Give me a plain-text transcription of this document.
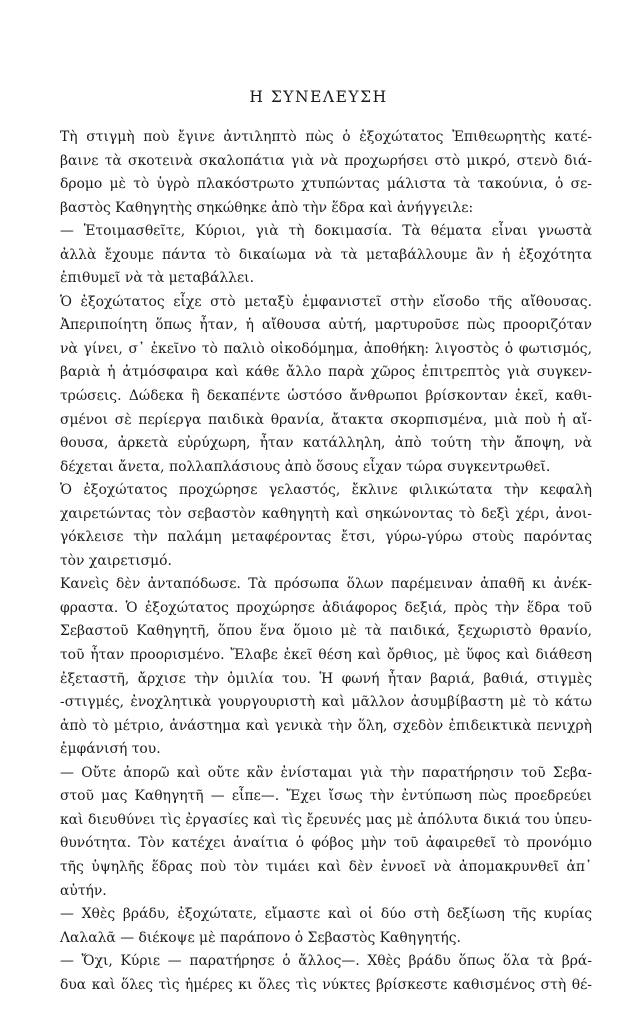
Η ΣΥΝΕΛΕΥΣΗ
Τὴ στιγμὴ ποὺ ἔγινε ἀντιληπτὸ πὼς ὁ ἐξοχώτατος Ἐπιθεωρητὴς κατέ-
βαινε τὰ σκοτεινὰ σκαλοπάτια γιὰ νὰ προχωρήσει στὸ μικρό, στενὸ διά-
δρομο μὲ τὸ ὑγρὸ πλακόστρωτο χτυπώντας μάλιστα τὰ τακούνια, ὁ σε-
βαστὸς Καθηγητὴς σηκώθηκε ἀπὸ τὴν ἕδρα καὶ ἀνήγγειλε:
— Ἑτοιμασθεῖτε, Κύριοι, γιὰ τὴ δοκιμασία. Τὰ θέματα εἶναι γνωστὰ
ἀλλὰ ἔχουμε πάντα τὸ δικαίωμα νὰ τὰ μεταβάλλουμε ἂν ἡ ἐξοχότητα
ἐπιθυμεῖ νὰ τὰ μεταβάλλει.
Ὁ ἐξοχώτατος εἶχε στὸ μεταξὺ ἐμφανιστεῖ στὴν εἴσοδο τῆς αἴθουσας.
Ἀπεριποίητη ὅπως ἦταν, ἡ αἴθουσα αὐτή, μαρτυροῦσε πὼς προοριζόταν
νὰ γίνει, σ᾿ ἐκεῖνο τὸ παλιὸ οἰκοδόμημα, ἀποθήκη: λιγοστὸς ὁ φωτισμός,
βαριὰ ἡ ἀτμόσφαιρα καὶ κάθε ἄλλο παρὰ χῶρος ἐπιτρεπτὸς γιὰ συγκεν-
τρώσεις. Δώδεκα ἢ δεκαπέντε ὡστόσο ἄνθρωποι βρίσκονταν ἐκεῖ, καθι-
σμένοι σὲ περίεργα παιδικὰ θρανία, ἄτακτα σκορπισμένα, μιὰ ποὺ ἡ αἴ-
θουσα, ἀρκετὰ εὐρύχωρη, ἦταν κατάλληλη, ἀπὸ τούτη τὴν ἄποψη, νὰ
δέχεται ἄνετα, πολλαπλάσιους ἀπὸ ὅσους εἶχαν τώρα συγκεντρωθεῖ.
Ὁ ἐξοχώτατος προχώρησε γελαστός, ἔκλινε φιλικώτατα τὴν κεφαλὴ
χαιρετώντας τὸν σεβαστὸν καθηγητὴ καὶ σηκώνοντας τὸ δεξὶ χέρι, ἀνοι-
γόκλεισε τὴν παλάμη μεταφέροντας ἔτσι, γύρω-γύρω στοὺς παρόντας
τὸν χαιρετισμό.
Κανεὶς δὲν ἀνταπόδωσε. Τὰ πρόσωπα ὅλων παρέμειναν ἀπαθῆ κι ἀνέκ-
φραστα. Ὁ ἐξοχώτατος προχώρησε ἀδιάφορος δεξιά, πρὸς τὴν ἕδρα τοῦ
Σεβαστοῦ Καθηγητῆ, ὅπου ἕνα ὅμοιο μὲ τὰ παιδικά, ξεχωριστὸ θρανίο,
τοῦ ἦταν προορισμένο. Ἔλαβε ἐκεῖ θέση καὶ ὄρθιος, μὲ ὕφος καὶ διάθεση
ἐξεταστῆ, ἄρχισε τὴν ὁμιλία του. Ἡ φωνή ἦταν βαριά, βαθιά, στιγμὲς
-στιγμές, ἐνοχλητικὰ γουργουριστὴ καὶ μᾶλλον ἀσυμβίβαστη μὲ τὸ κάτω
ἀπὸ τὸ μέτριο, ἀνάστημα καὶ γενικὰ τὴν ὅλη, σχεδὸν ἐπιδεικτικὰ πενιχρὴ
ἐμφάνισή του.
— Οὔτε ἀπορῶ καὶ οὔτε κἂν ἐνίσταμαι γιὰ τὴν παρατήρησιν τοῦ Σεβα-
στοῦ μας Καθηγητῆ — εἶπε—. Ἔχει ἴσως τὴν ἐντύπωση πὼς προεδρεύει
καὶ διευθύνει τὶς ἐργασίες καὶ τὶς ἔρευνές μας μὲ ἀπόλυτα δικιά του ὑπευ-
θυνότητα. Τὸν κατέχει ἀναίτια ὁ φόβος μὴν τοῦ ἀφαιρεθεῖ τὸ προνόμιο
τῆς ὑψηλῆς ἕδρας ποὺ τὸν τιμάει καὶ δὲν ἐννοεῖ νὰ ἀπομακρυνθεῖ ἀπ᾿
αὐτήν.
— Χθὲς βράδυ, ἐξοχώτατε, εἴμαστε καὶ οἱ δύο στὴ δεξίωση τῆς κυρίας
Λαλαλᾶ — διέκοψε μὲ παράπονο ὁ Σεβαστὸς Καθηγητής.
— Ὄχι, Κύριε — παρατήρησε ὁ ἄλλος—. Χθὲς βράδυ ὅπως ὅλα τὰ βρά-
δυα καὶ ὅλες τὶς ἡμέρες κι ὅλες τὶς νύκτες βρίσκεστε καθισμένος στὴ θέ-
